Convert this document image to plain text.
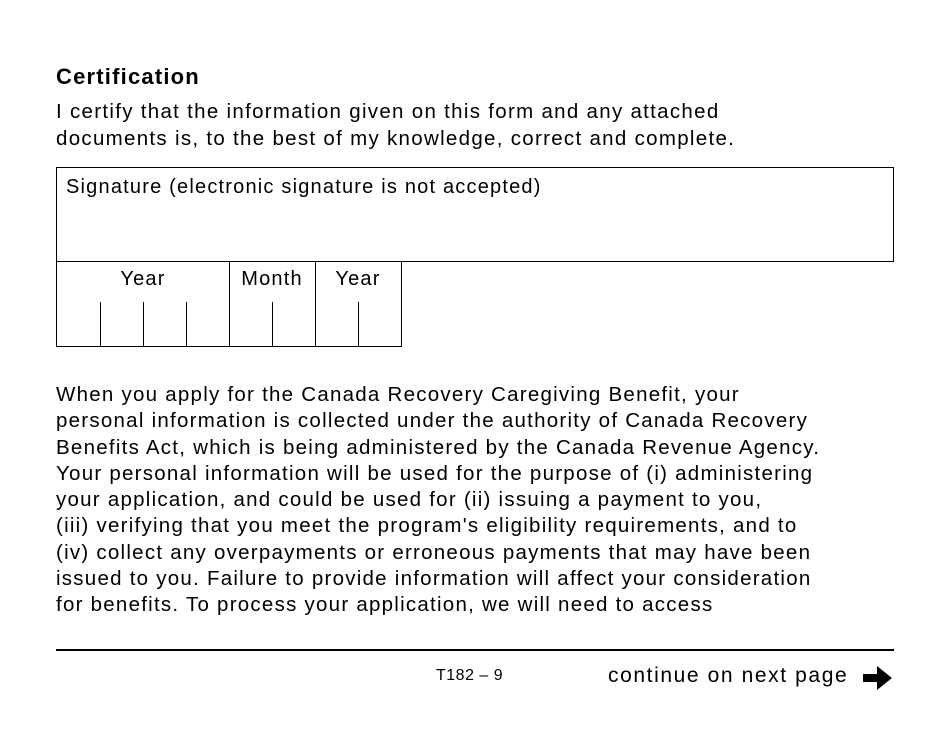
Certification
I certify that the information given on this form and any attached
documents is, to the best of my knowledge, correct and complete.
Signature (electronic signature is not accepted)
Year	Month	Year
When you apply for the Canada Recovery Caregiving Benefit, your
personal information is collected under the authority of Canada Recovery
Benefits Act, which is being administered by the Canada Revenue Agency.
Your personal information will be used for the purpose of (i) administering
your application, and could be used for (ii) issuing a payment to you,
(iii) verifying that you meet the program's eligibility requirements, and to
(iv) collect any overpayments or erroneous payments that may have been
issued to you. Failure to provide information will affect your consideration
for benefits. To process your application, we will need to access
T182 – 9	continue on next page
